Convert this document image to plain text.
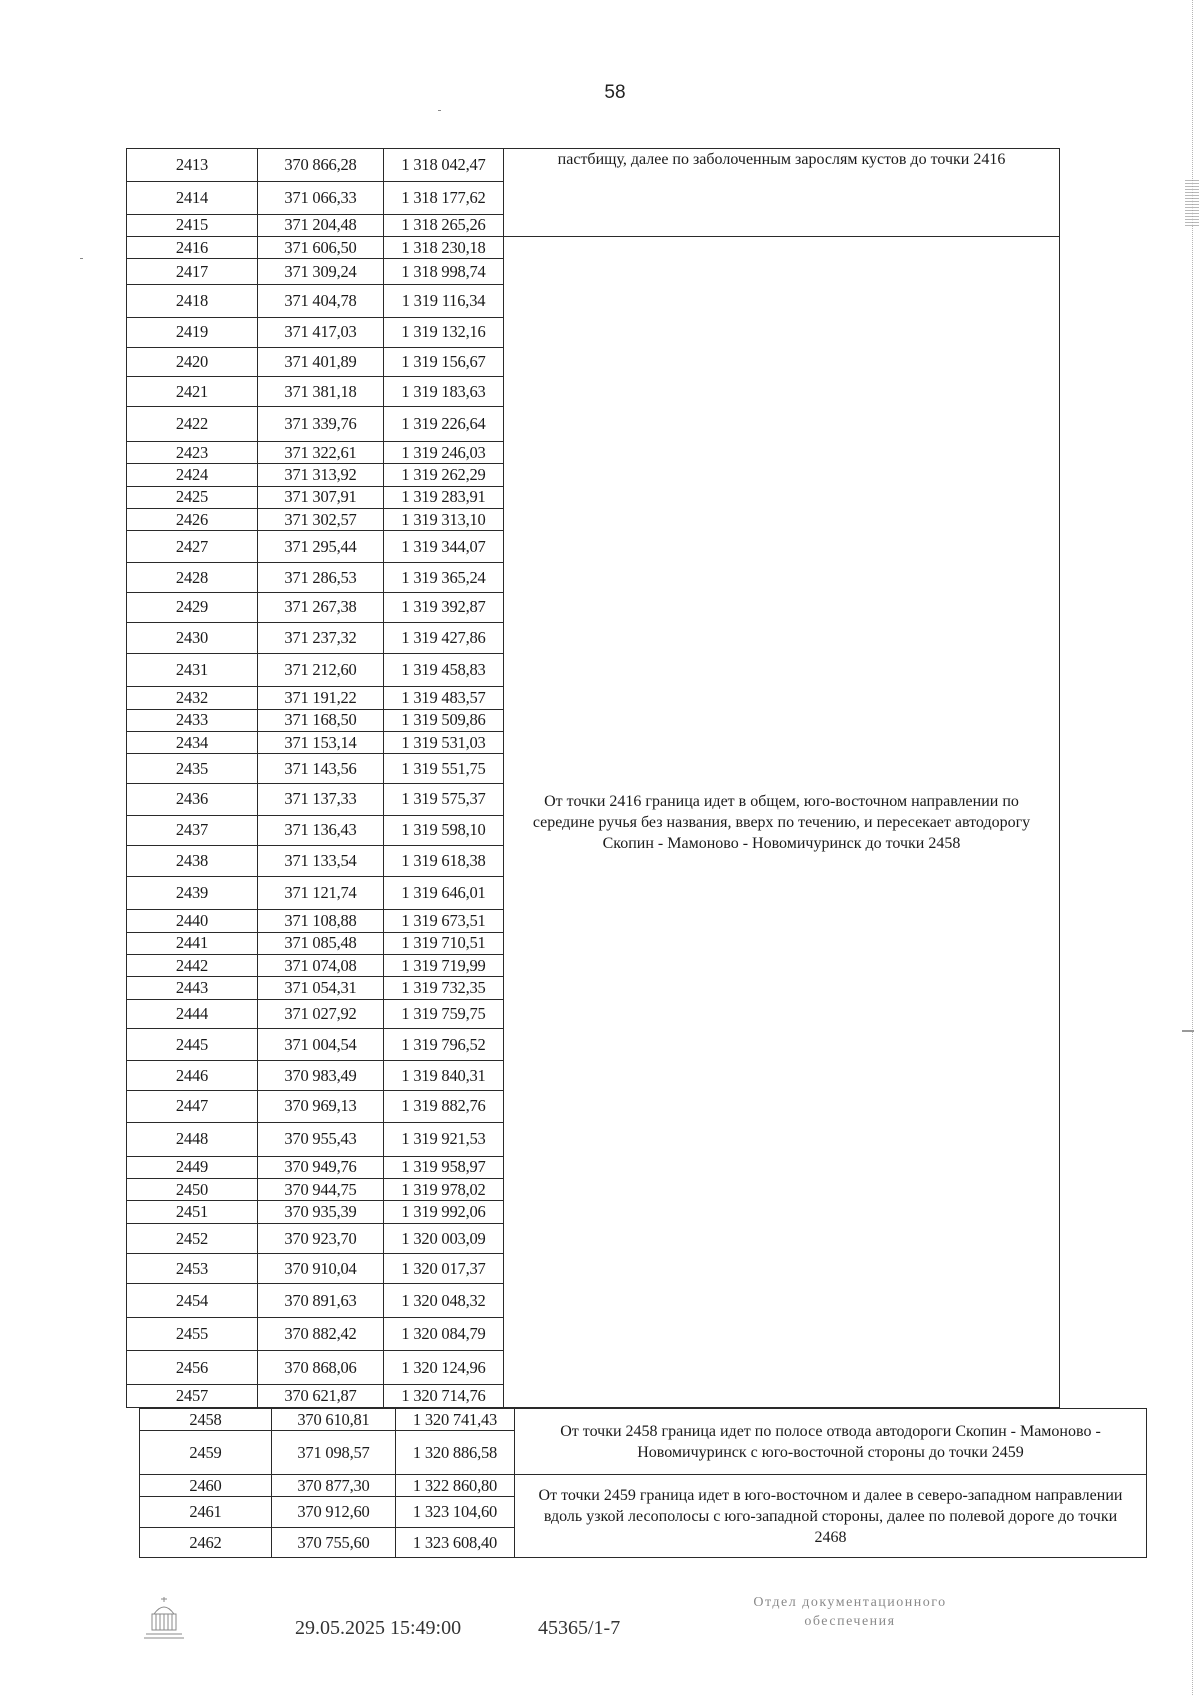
58
2413	370 866,28	1 318 042,47	пастбищу, далее по заболоченным зарослям кустов до точки 2416

2414	371 066,33	1 318 177,62	
2415	371 204,48	1 318 265,26	
2416	371 606,50	1 318 230,18	От точки 2416 граница идет в общем, юго-восточном направлении по середине ручья без названия, вверх по течению, и пересекает автодорогу Скопин - Мамоново - Новомичуринск до точки 2458

2417	371 309,24	1 318 998,74	
2418	371 404,78	1 319 116,34	
2419	371 417,03	1 319 132,16	
2420	371 401,89	1 319 156,67	
2421	371 381,18	1 319 183,63	
2422	371 339,76	1 319 226,64	
2423	371 322,61	1 319 246,03	
2424	371 313,92	1 319 262,29	
2425	371 307,91	1 319 283,91	
2426	371 302,57	1 319 313,10	
2427	371 295,44	1 319 344,07	
2428	371 286,53	1 319 365,24	
2429	371 267,38	1 319 392,87	
2430	371 237,32	1 319 427,86	
2431	371 212,60	1 319 458,83	
2432	371 191,22	1 319 483,57	
2433	371 168,50	1 319 509,86	
2434	371 153,14	1 319 531,03	
2435	371 143,56	1 319 551,75	
2436	371 137,33	1 319 575,37	
2437	371 136,43	1 319 598,10	
2438	371 133,54	1 319 618,38	
2439	371 121,74	1 319 646,01	
2440	371 108,88	1 319 673,51	
2441	371 085,48	1 319 710,51	
2442	371 074,08	1 319 719,99	
2443	371 054,31	1 319 732,35	
2444	371 027,92	1 319 759,75	
2445	371 004,54	1 319 796,52	
2446	370 983,49	1 319 840,31	
2447	370 969,13	1 319 882,76	
2448	370 955,43	1 319 921,53	
2449	370 949,76	1 319 958,97	
2450	370 944,75	1 319 978,02	
2451	370 935,39	1 319 992,06	
2452	370 923,70	1 320 003,09	
2453	370 910,04	1 320 017,37	
2454	370 891,63	1 320 048,32	
2455	370 882,42	1 320 084,79	
2456	370 868,06	1 320 124,96	
2457	370 621,87	1 320 714,76	
2458	370 610,81	1 320 741,43	От точки 2458 граница идет по полосе отвода автодороги Скопин - Мамоново - Новомичуринск с юго-восточной стороны до точки 2459

2459	371 098,57	1 320 886,58	
2460	370 877,30	1 322 860,80	От точки 2459 граница идет в юго-восточном и далее в северо-западном направлении вдоль узкой лесополосы с юго-западной стороны, далее по полевой дороге до точки 2468

2461	370 912,60	1 323 104,60	
2462	370 755,60	1 323 608,40	
29.05.2025 15:49:00	45365/1-7
Отдел документационного
обеспечения
